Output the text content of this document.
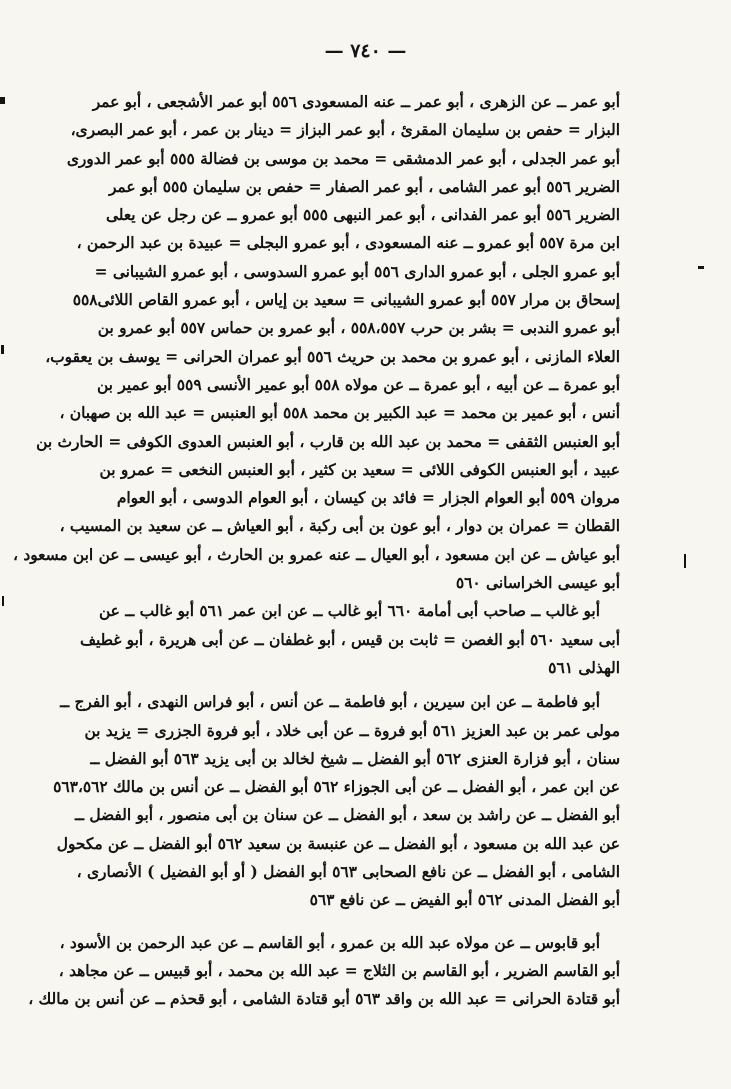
— ٧٤٠ —
أبو عمر ــ عن الزهرى ، أبو عمر ــ عنه المسعودى ٥٥٦ أبو عمر الأشجعى ، أبو عمر
البزار = حفص بن سليمان المقرئ ، أبو عمر البزاز = دينار بن عمر ، أبو عمر البصرى،
أبو عمر الجدلى ، أبو عمر الدمشقى = محمد بن موسى بن فضالة ٥٥٥ أبو عمر الدورى
الضرير ٥٥٦ أبو عمر الشامى ، أبو عمر الصفار = حفص بن سليمان ٥٥٥ أبو عمر
الضرير ٥٥٦ أبو عمر الفدانى ، أبو عمر النبهى ٥٥٥ أبو عمرو ــ عن رجل عن يعلى
ابن مرة ٥٥٧ أبو عمرو ــ عنه المسعودى ، أبو عمرو البجلى = عبيدة بن عبد الرحمن ،
أبو عمرو الجلى ، أبو عمرو الدارى ٥٥٦ أبو عمرو السدوسى ، أبو عمرو الشيبانى =
إسحاق بن مرار ٥٥٧ أبو عمرو الشيبانى = سعيد بن إياس ، أبو عمرو القاص اللائى٥٥٨
أبو عمرو الندبى = بشر بن حرب ٥٥٨،٥٥٧ ، أبو عمرو بن حماس ٥٥٧ أبو عمرو بن
العلاء المازنى ، أبو عمرو بن محمد بن حريث ٥٥٦ أبو عمران الحرانى = يوسف بن يعقوب،
أبو عمرة ــ عن أبيه ، أبو عمرة ــ عن مولاه ٥٥٨ أبو عمير الأنسى ٥٥٩ أبو عمير بن
أنس ، أبو عمير بن محمد = عبد الكبير بن محمد ٥٥٨ أبو العنبس = عبد الله بن صهبان ،
أبو العنبس الثقفى = محمد بن عبد الله بن قارب ، أبو العنبس العدوى الكوفى = الحارث بن
عبيد ، أبو العنبس الكوفى اللائى = سعيد بن كثير ، أبو العنبس النخعى = عمرو بن
مروان ٥٥٩ أبو العوام الجزار = فائد بن كيسان ، أبو العوام الدوسى ، أبو العوام
القطان = عمران بن دوار ، أبو عون بن أبى ركبة ، أبو العياش ــ عن سعيد بن المسيب ،
أبو عياش ــ عن ابن مسعود ، أبو العيال ــ عنه عمرو بن الحارث ، أبو عيسى ــ عن ابن مسعود ،
أبو عيسى الخراسانى ٥٦٠
أبو غالب ــ صاحب أبى أمامة ٦٦٠ أبو غالب ــ عن ابن عمر ٥٦١ أبو غالب ــ عن
أبى سعيد ٥٦٠ أبو الغصن = ثابت بن قيس ، أبو غطفان ــ عن أبى هريرة ، أبو غطيف
الهذلى ٥٦١
أبو فاطمة ــ عن ابن سيرين ، أبو فاطمة ــ عن أنس ، أبو فراس النهدى ، أبو الفرج ــ
مولى عمر بن عبد العزيز ٥٦١ أبو فروة ــ عن أبى خلاد ، أبو فروة الجزرى = يزيد بن
سنان ، أبو فزارة العنزى ٥٦٢ أبو الفضل ــ شيخ لخالد بن أبى يزيد ٥٦٣ أبو الفضل ــ
عن ابن عمر ، أبو الفضل ــ عن أبى الجوزاء ٥٦٢ أبو الفضل ــ عن أنس بن مالك ٥٦٣،٥٦٢
أبو الفضل ــ عن راشد بن سعد ، أبو الفضل ــ عن سنان بن أبى منصور ، أبو الفضل ــ
عن عبد الله بن مسعود ، أبو الفضل ــ عن عنبسة بن سعيد ٥٦٢ أبو الفضل ــ عن مكحول
الشامى ، أبو الفضل ــ عن نافع الصحابى ٥٦٣ أبو الفضل ( أو أبو الفضيل ) الأنصارى ،
أبو الفضل المدنى ٥٦٢ أبو الفيض ــ عن نافع ٥٦٣
أبو قابوس ــ عن مولاه عبد الله بن عمرو ، أبو القاسم ــ عن عبد الرحمن بن الأسود ،
أبو القاسم الضرير ، أبو القاسم بن الثلاج = عبد الله بن محمد ، أبو قبيس ــ عن مجاهد ،
أبو قتادة الحرانى = عبد الله بن واقد ٥٦٣ أبو قتادة الشامى ، أبو قحذم ــ عن أنس بن مالك ،
